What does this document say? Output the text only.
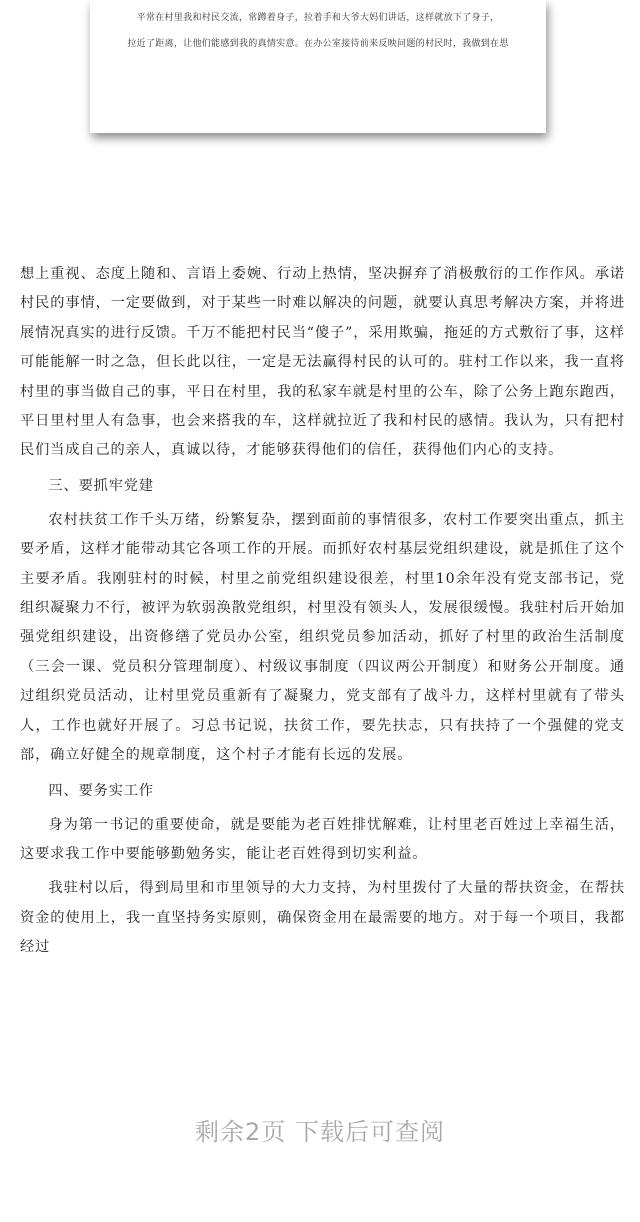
平常在村里我和村民交流，常蹲着身子，拉着手和大爷大妈们讲话，这样就放下了身子，
拉近了距离，让他们能感到我的真情实意。在办公室接待前来反映问题的村民时，我做到在思

想上重视、态度上随和、言语上委婉、行动上热情，坚决摒弃了消极敷衍的工作作风。承诺村民的事情，一定要做到，对于某些一时难以解决的问题，就要认真思考解决方案，并将进展情况真实的进行反馈。千万不能把村民当“傻子”，采用欺骗，拖延的方式敷衍了事，这样可能能解一时之急，但长此以往，一定是无法赢得村民的认可的。驻村工作以来，我一直将村里的事当做自己的事，平日在村里，我的私家车就是村里的公车，除了公务上跑东跑西，平日里村里人有急事，也会来搭我的车，这样就拉近了我和村民的感情。我认为，只有把村民们当成自己的亲人，真诚以待，才能够获得他们的信任，获得他们内心的支持。

三、要抓牢党建

农村扶贫工作千头万绪，纷繁复杂，摆到面前的事情很多，农村工作要突出重点，抓主要矛盾，这样才能带动其它各项工作的开展。而抓好农村基层党组织建设，就是抓住了这个主要矛盾。我刚驻村的时候，村里之前党组织建设很差，村里10余年没有党支部书记，党组织凝聚力不行，被评为软弱涣散党组织，村里没有领头人，发展很缓慢。我驻村后开始加强党组织建设，出资修缮了党员办公室，组织党员参加活动，抓好了村里的政治生活制度（三会一课、党员积分管理制度）、村级议事制度（四议两公开制度）和财务公开制度。通过组织党员活动，让村里党员重新有了凝聚力，党支部有了战斗力，这样村里就有了带头人，工作也就好开展了。习总书记说，扶贫工作，要先扶志，只有扶持了一个强健的党支部，确立好健全的规章制度，这个村子才能有长远的发展。

四、要务实工作

身为第一书记的重要使命，就是要能为老百姓排忧解难，让村里老百姓过上幸福生活，这要求我工作中要能够勤勉务实，能让老百姓得到切实利益。

我驻村以后，得到局里和市里领导的大力支持，为村里拨付了大量的帮扶资金，在帮扶资金的使用上，我一直坚持务实原则，确保资金用在最需要的地方。对于每一个项目，我都经过

剩余2页 下载后可查阅
